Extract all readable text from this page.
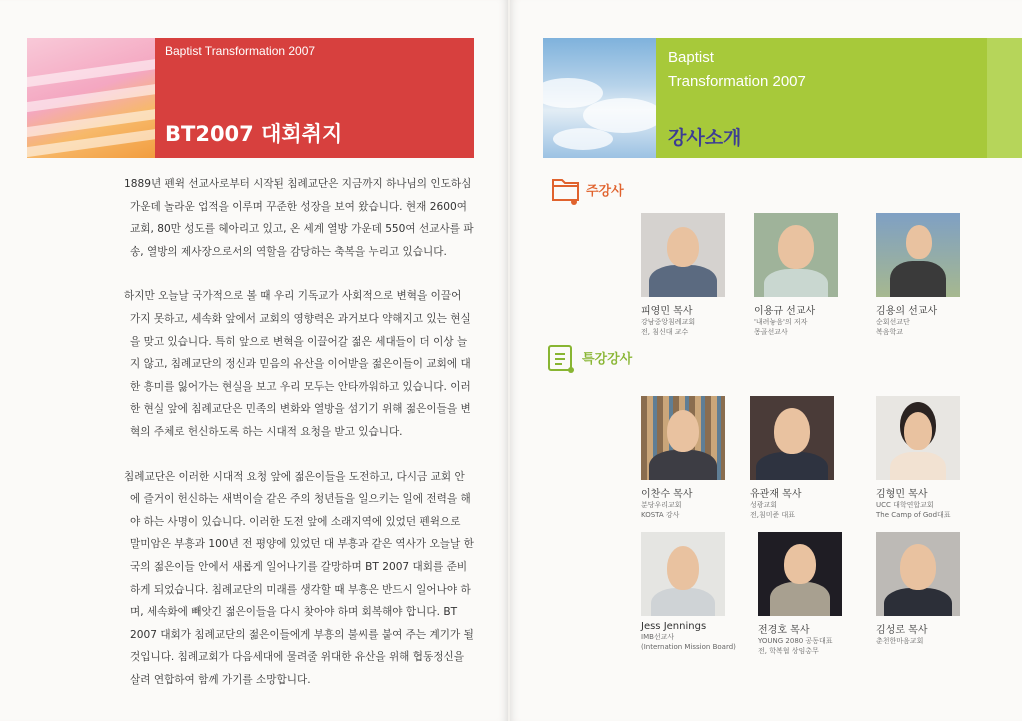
Baptist Transformation 2007
BT2007 대회취지

1889년 펜윅 선교사로부터 시작된 침례교단은 지금까지 하나님의 인도하심 가운데 놀라운 업적을 이루며 꾸준한 성장을 보여 왔습니다. 현재 2600여 교회, 80만 성도를 헤아리고 있고, 온 세계 열방 가운데 550여 선교사를 파송, 열방의 제사장으로서의 역할을 감당하는 축복을 누리고 있습니다.

하지만 오늘날 국가적으로 볼 때 우리 기독교가 사회적으로 변혁을 이끌어 가지 못하고, 세속화 앞에서 교회의 영향력은 과거보다 약해지고 있는 현실을 맞고 있습니다. 특히 앞으로 변혁을 이끌어갈 젊은 세대들이 더 이상 늘지 않고, 침례교단의 정신과 믿음의 유산을 이어받을 젊은이들이 교회에 대한 흥미를 잃어가는 현실을 보고 우리 모두는 안타까워하고 있습니다. 이러한 현실 앞에 침례교단은 민족의 변화와 열방을 섬기기 위해 젊은이들을 변혁의 주체로 헌신하도록 하는 시대적 요청을 받고 있습니다.

침례교단은 이러한 시대적 요청 앞에 젊은이들을 도전하고, 다시금 교회 안에 즐거이 헌신하는 새벽이슬 같은 주의 청년들을 일으키는 일에 전력을 해야 하는 사명이 있습니다. 이러한 도전 앞에 소래지역에 있었던 펜윅으로 말미암은 부흥과 100년 전 평양에 있었던 대 부흥과 같은 역사가 오늘날 한국의 젊은이들 안에서 새롭게 일어나기를 갈망하며 BT 2007 대회를 준비하게 되었습니다. 침례교단의 미래를 생각할 때 부흥은 반드시 일어나야 하며, 세속화에 빼앗긴 젊은이들을 다시 찾아야 하며 회복해야 합니다. BT 2007 대회가 침례교단의 젊은이들에게 부흥의 불씨를 붙여 주는 계기가 될 것입니다. 침례교회가 다음세대에 물려줄 위대한 유산을 위해 협동정신을 살려 연합하여 함께 가기를 소망합니다.

Baptist
Transformation 2007
강사소개
주강사
특강강사
피영민 목사
강남중앙침례교회
전, 침신대 교수
이용규 선교사
'내려놓음'의 저자
몽골선교사
김용의 선교사
순회선교단
복음학교
이찬수 목사
분당우리교회
KOSTA 강사
유관재 목사
성광교회
전,침미준 대표
김형민 목사
UCC 대학연합교회
The Camp of God대표
Jess Jennings
IMB선교사
(Internation Mission Board)
전경호 목사
YOUNG 2080 공동대표
전, 학복협 상임총무
김성로 목사
춘천한마음교회
